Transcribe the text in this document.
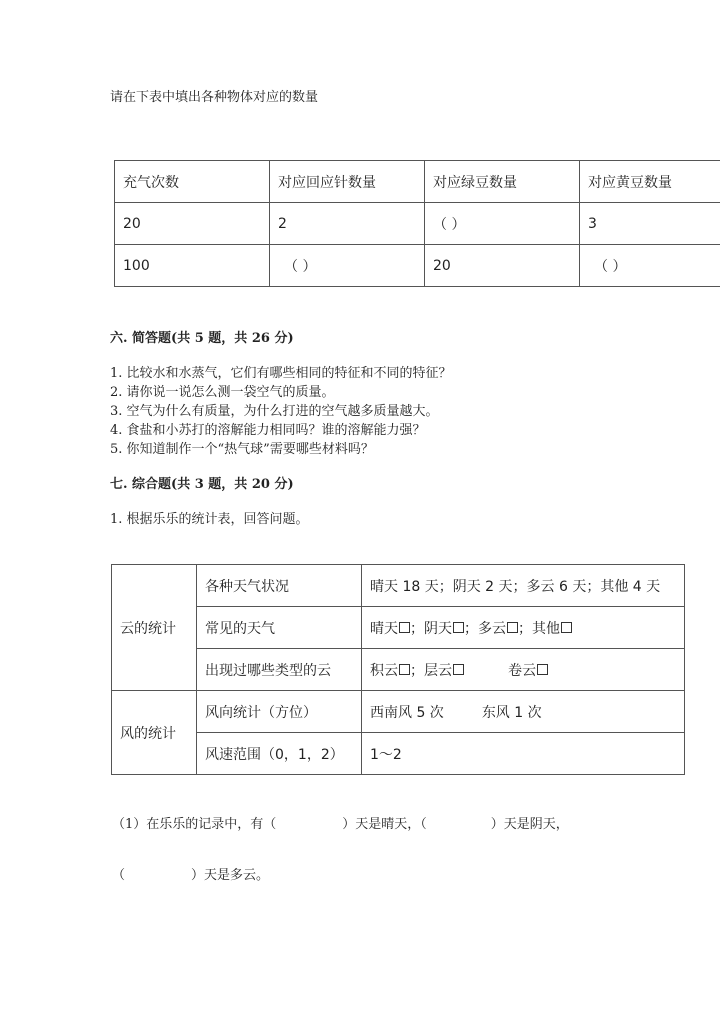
请在下表中填出各种物体对应的数量
充气次数	对应回应针数量	对应绿豆数量	对应黄豆数量
20	2	（ ）	3
100	（ ）	20	（ ）
六. 简答题(共 5 题，共 26 分)
1. 比较水和水蒸气，它们有哪些相同的特征和不同的特征？
2. 请你说一说怎么测一袋空气的质量。
3. 空气为什么有质量，为什么打进的空气越多质量越大。
4. 食盐和小苏打的溶解能力相同吗？谁的溶解能力强？
5. 你知道制作一个“热气球”需要哪些材料吗？
七. 综合题(共 3 题，共 20 分)
1. 根据乐乐的统计表，回答问题。
云的统计	各种天气状况	晴天 18 天；阴天 2 天；多云 6 天；其他 4 天
	常见的天气	晴天 ；阴天 ；多云 ；其他
	出现过哪些类型的云	积云 ；层云 卷云
风的统计	风向统计（方位）	西南风 5 次 东风 1 次
	风速范围（0，1，2）	1～2
（1）在乐乐的记录中，有（	）天是晴天，（	）天是阴天，
（	）天是多云。
